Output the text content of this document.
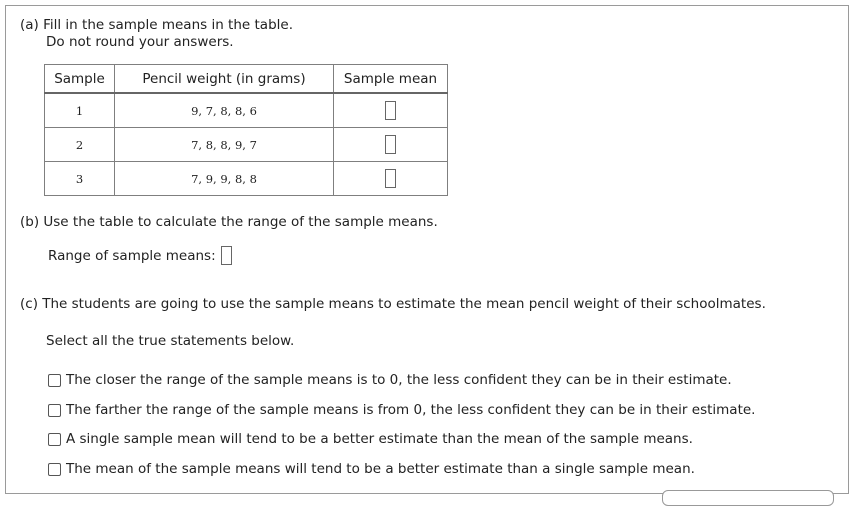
(a) Fill in the sample means in the table.
Do not round your answers.
Sample	Pencil weight (in grams)	Sample mean
1	9, 7, 8, 8, 6	
2	7, 8, 8, 9, 7	
3	7, 9, 9, 8, 8	
(b) Use the table to calculate the range of the sample means.
Range of sample means:
(c) The students are going to use the sample means to estimate the mean pencil weight of their schoolmates.
Select all the true statements below.
The closer the range of the sample means is to 0, the less confident they can be in their estimate.
The farther the range of the sample means is from 0, the less confident they can be in their estimate.
A single sample mean will tend to be a better estimate than the mean of the sample means.
The mean of the sample means will tend to be a better estimate than a single sample mean.
